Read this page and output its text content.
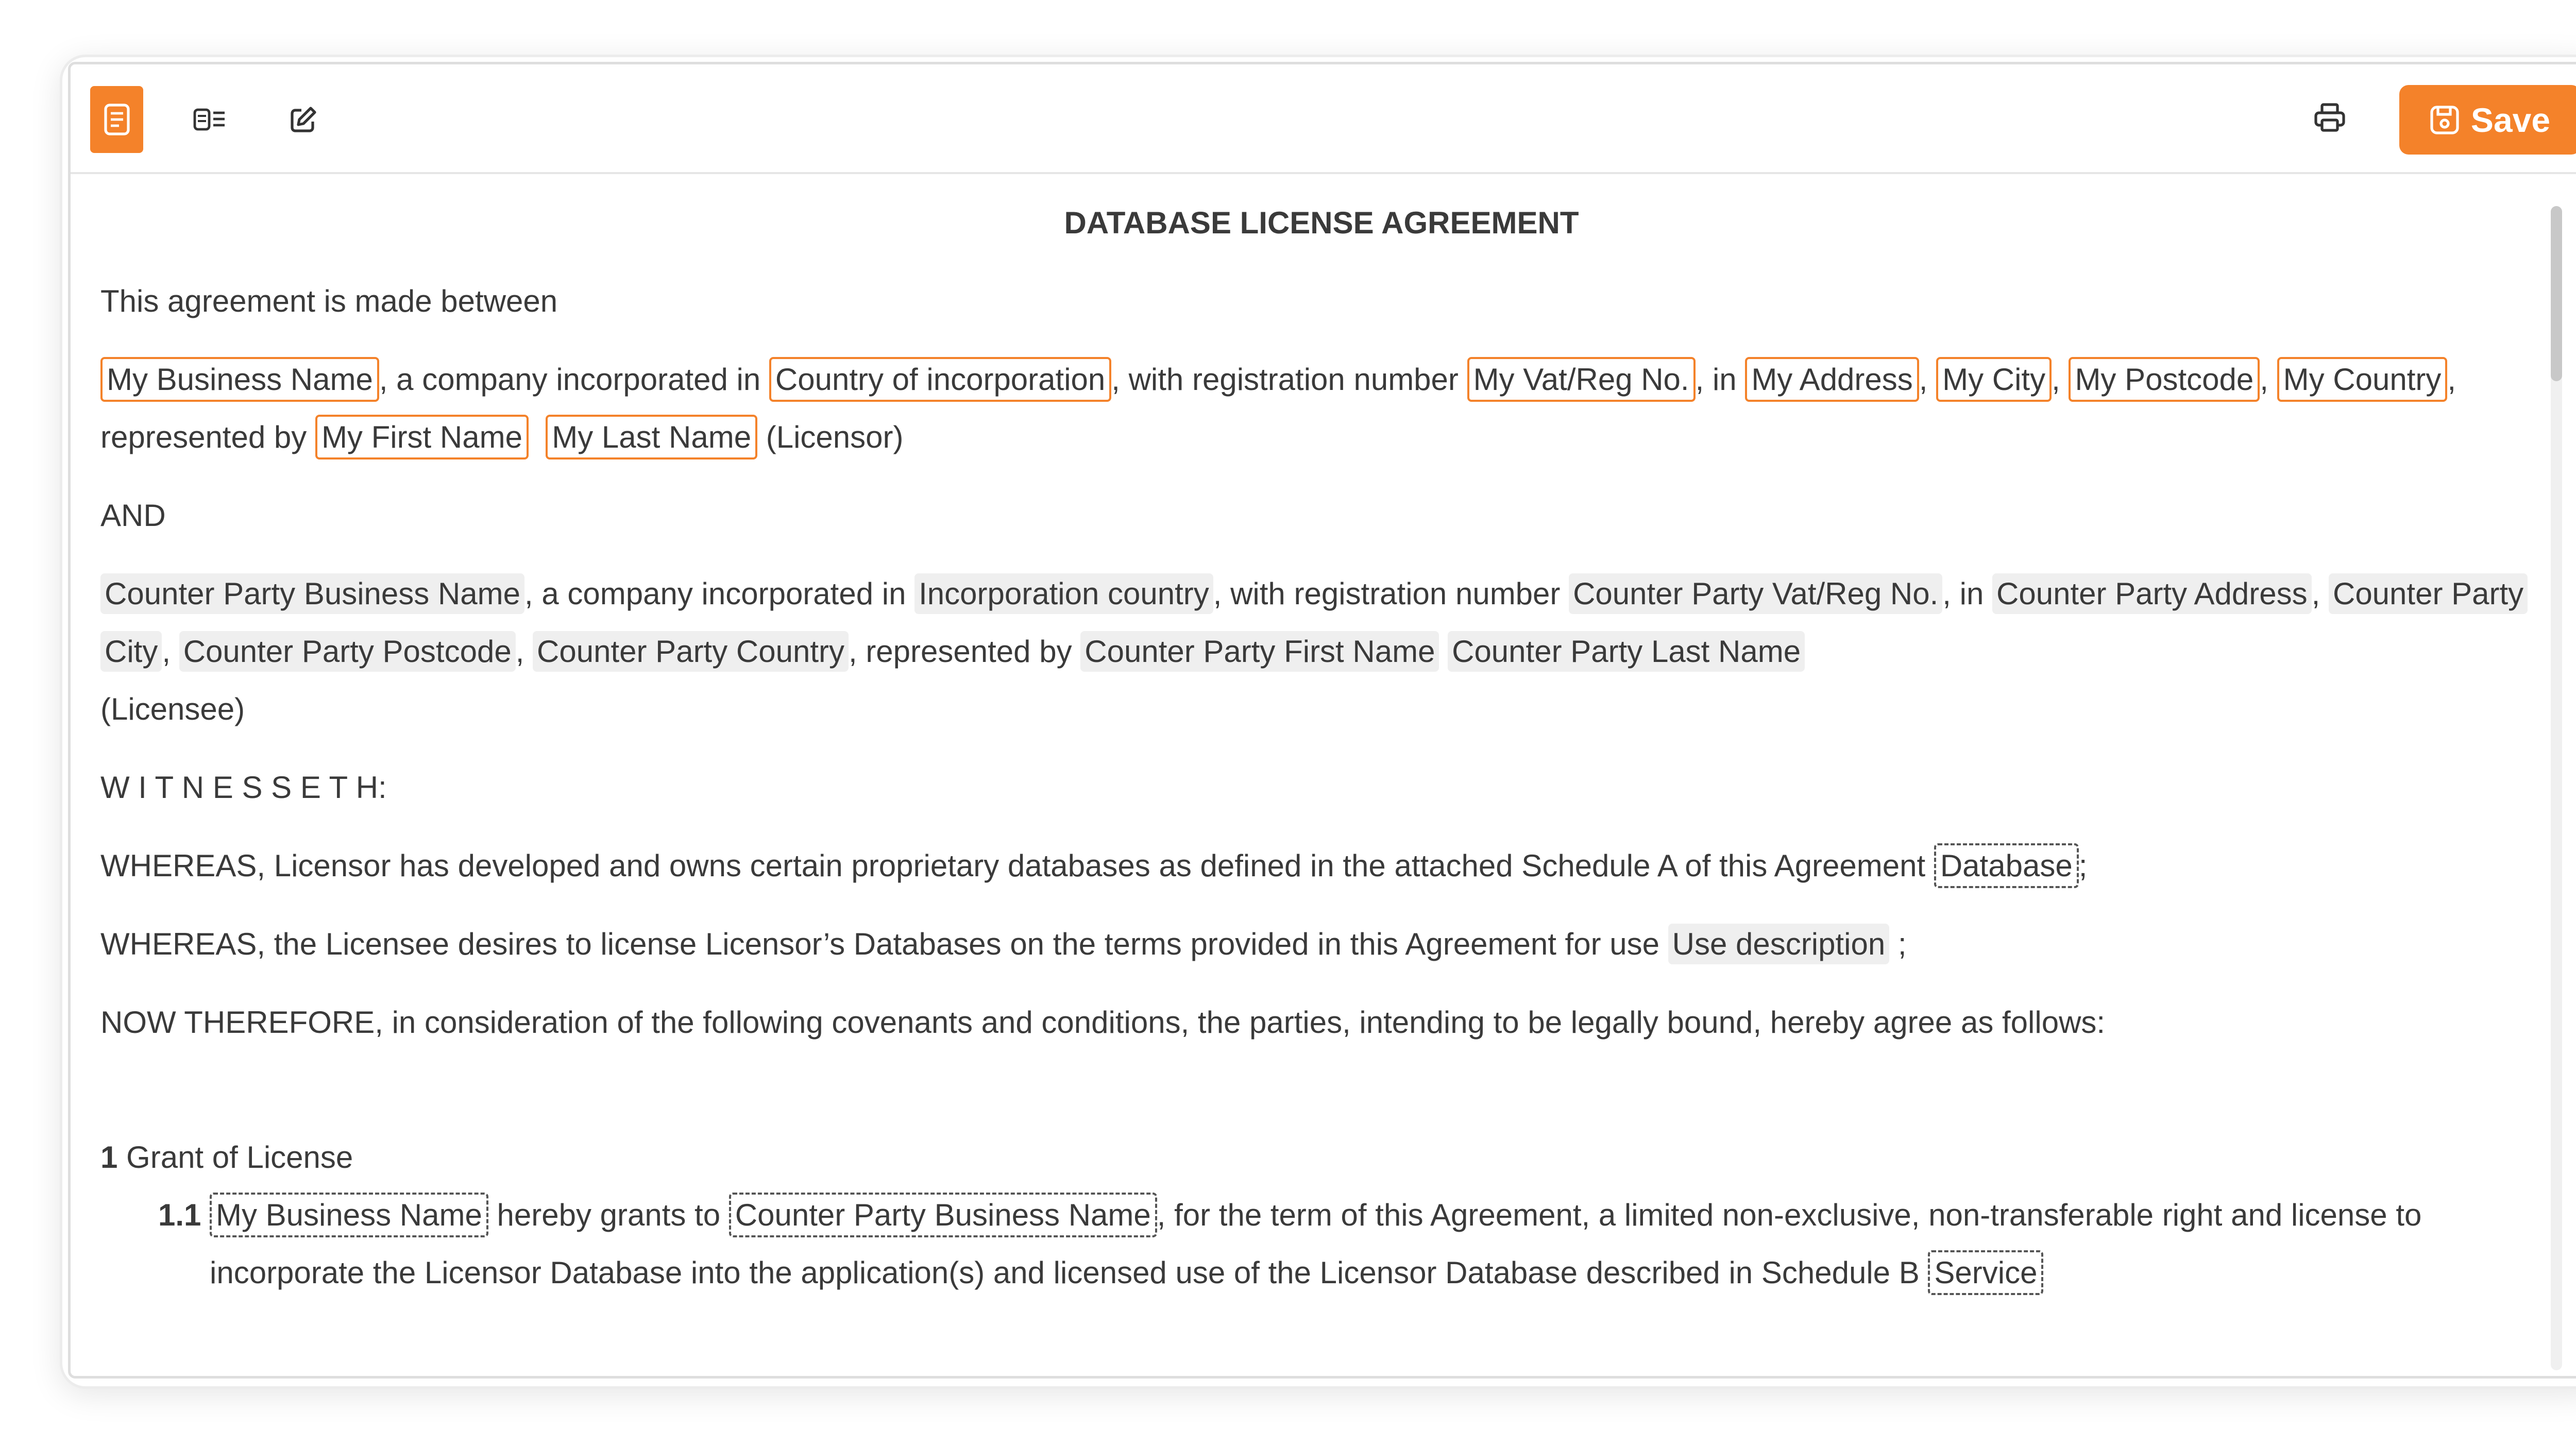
Save

DATABASE LICENSE AGREEMENT

This agreement is made between

My Business Name , a company incorporated in Country of incorporation , with registration number My Vat/Reg No. , in My Address , My City , My Postcode , My Country , represented by My First Name My Last Name (Licensor)

AND

Counter Party Business Name , a company incorporated in Incorporation country , with registration number Counter Party Vat/Reg No. , in Counter Party Address , Counter Party City , Counter Party Postcode , Counter Party Country , represented by Counter Party First Name Counter Party Last Name
(Licensee)

W I T N E S S E T H:

WHEREAS, Licensor has developed and owns certain proprietary databases as defined in the attached Schedule A of this Agreement Database ;

WHEREAS, the Licensee desires to license Licensor’s Databases on the terms provided in this Agreement for use Use description ;

NOW THEREFORE, in consideration of the following covenants and conditions, the parties, intending to be legally bound, hereby agree as follows:

1 Grant of License

1.1 My Business Name hereby grants to Counter Party Business Name , for the term of this Agreement, a limited non-exclusive, non-transferable right and license to incorporate the Licensor Database into the application(s) and licensed use of the Licensor Database described in Schedule B Service
